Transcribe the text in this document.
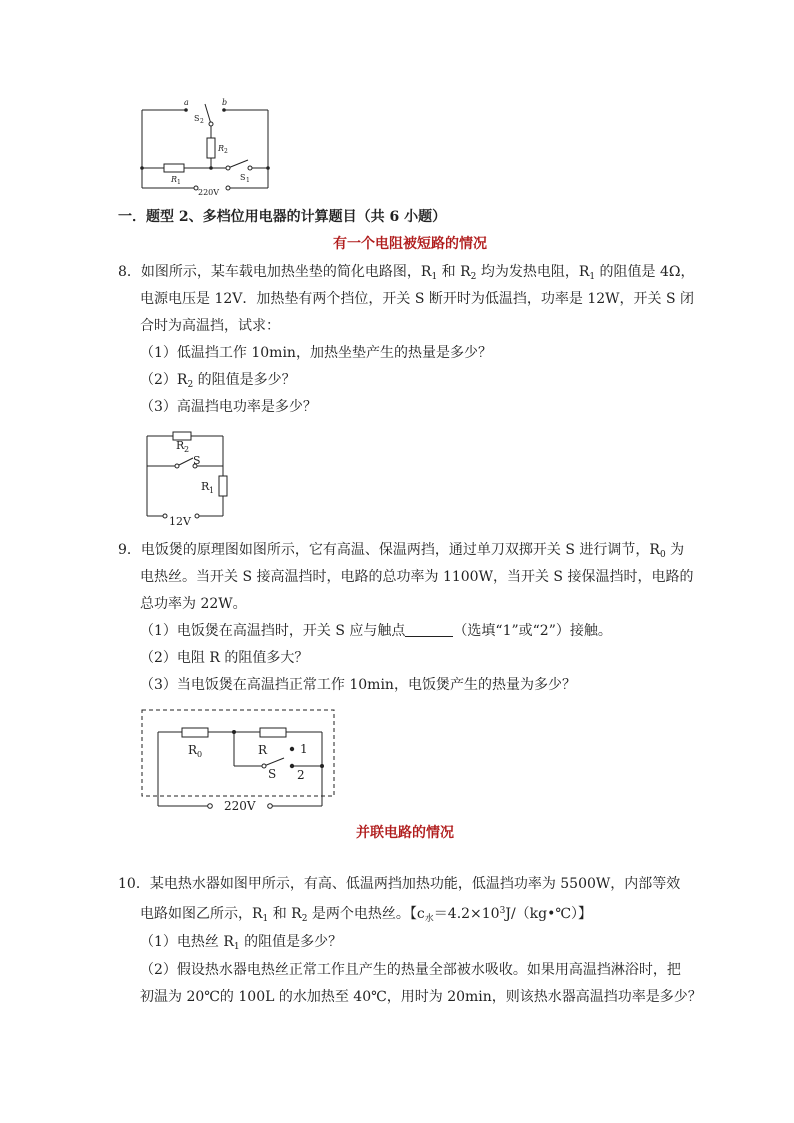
a	b
S 2
R 2
R 1
S 1
220V
一．题型 2、多档位用电器的计算题目（共 6 小题）
有一个电阻被短路的情况
8．如图所示，某车载电加热坐垫的简化电路图，$R_1$ 和 $R_2$ 均为发热电阻，$R_1$ 的阻值是 4Ω，
电源电压是 12V．加热垫有两个挡位，开关 S 断开时为低温挡，功率是 12W，开关 S 闭
合时为高温挡，试求：
（1）低温挡工作 10min，加热坐垫产生的热量是多少？
$(2)R_2$ 的阻值是多少？
（3）高温挡电功率是多少？
R 2
S
R 1
12V
9．电饭煲的原理图如图所示，它有高温、保温两挡，通过单刀双掷开关 S 进行调节，$R_0$ 为
电热丝。当开关 S 接高温挡时，电路的总功率为 1100W，当开关 S 接保温挡时，电路的
总功率为 22W。
（1）电饭煲在高温挡时，开关 S 应与触点	（选填“1”或“2”）接触。
（2）电阻 R 的阻值多大？
（3）当电饭煲在高温挡正常工作 10min，电饭煲产生的热量为多少？
R 0	R
S
1
2
220V
并联电路的情况
10．某电热水器如图甲所示，有高、低温两挡加热功能，低温挡功率为 5500W，内部等效
电路如图乙所示，$R_1$ 和 $R_2$ 是两个电热丝。【$c_水=4.2\times 10^3J/(kg•℃)$】
（1）电热丝 $R_1$ 的阻值是多少？
（2）假设热水器电热丝正常工作且产生的热量全部被水吸收。如果用高温挡淋浴时，把
初温为 20℃的 100L 的水加热至 40℃，用时为 20min，则该热水器高温挡功率是多少？
